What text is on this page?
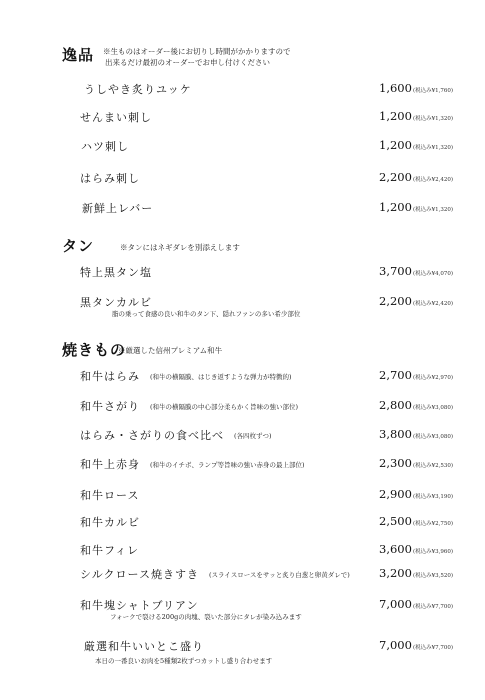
逸品 ※生ものはオーダー後にお切りし時間がかかりますので
出来るだけ最初のオーダーでお申し付けください
うしやき炙りユッケ	1,600(税込み¥1,760)
せんまい刺し	1,200(税込み¥1,320)
ハツ刺し	1,200(税込み¥1,320)
はらみ刺し	2,200(税込み¥2,420)
新鮮上レバー	1,200(税込み¥1,320)
タン	※タンにはネギダレを別添えします
特上黒タン塩	3,700(税込み¥4,070)
黒タンカルビ	2,200(税込み¥2,420)
脂の乗って食感の良い和牛のタン下、隠れファンの多い希少部位
焼きもの
※厳選した信州プレミアム和牛
和牛はらみ (和牛の横隔膜、はじき返すような弾力が特徴的)	2,700(税込み¥2,970)
和牛さがり (和牛の横隔膜の中心部分柔らかく旨味の強い部位)	2,800(税込み¥3,080)
はらみ・さがりの食べ比べ (各四枚ずつ)	3,800(税込み¥3,080)
和牛上赤身 (和牛のイチボ、ランプ等旨味の強い赤身の最上部位)	2,300(税込み¥2,530)
和牛ロース	2,900(税込み¥3,190)
和牛カルビ	2,500(税込み¥2,750)
和牛フィレ	3,600(税込み¥3,960)
シルクロース焼きすき (スライスロースをサッと炙り白葱と卵黄ダレで)	3,200(税込み¥3,520)
和牛塊シャトブリアン	7,000(税込み¥7,700)
フォークで裂ける200gの肉塊、裂いた部分にタレが染み込みます
厳選和牛いいとこ盛り	7,000(税込み¥7,700)
本日の一番良いお肉を5種類2枚ずつカットし盛り合わせます
